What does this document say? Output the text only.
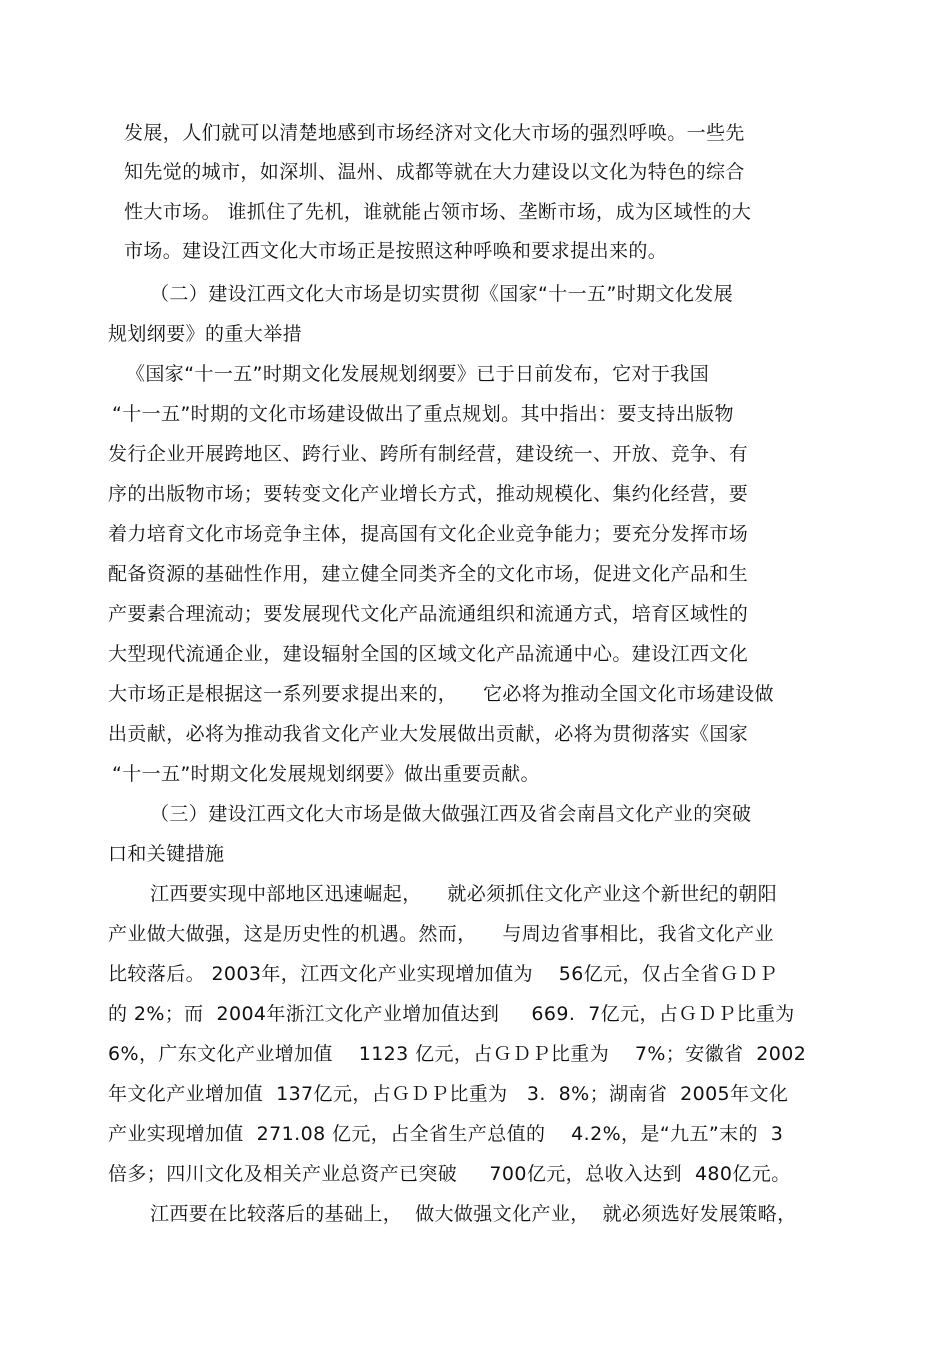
发展，人们就可以清楚地感到市场经济对文化大市场的强烈呼唤。一些先
知先觉的城市，如深圳、温州、成都等就在大力建设以文化为特色的综合
性大市场。 谁抓住了先机，谁就能占领市场、垄断市场，成为区域性的大
市场。建设江西文化大市场正是按照这种呼唤和要求提出来的。
（二）建设江西文化大市场是切实贯彻《国家“十一五”时期文化发展
规划纲要》的重大举措
《国家“十一五”时期文化发展规划纲要》已于日前发布，它对于我国
“十一五”时期的文化市场建设做出了重点规划。其中指出：要支持出版物
发行企业开展跨地区、跨行业、跨所有制经营，建设统一、开放、竞争、有
序的出版物市场；要转变文化产业增长方式，推动规模化、集约化经营，要
着力培育文化市场竞争主体，提高国有文化企业竞争能力；要充分发挥市场
配备资源的基础性作用，建立健全同类齐全的文化市场，促进文化产品和生
产要素合理流动；要发展现代文化产品流通组织和流通方式，培育区域性的
大型现代流通企业，建设辐射全国的区域文化产品流通中心。建设江西文化
大市场正是根据这一系列要求提出来的，    它必将为推动全国文化市场建设做
出贡献，必将为推动我省文化产业大发展做出贡献，必将为贯彻落实《国家
“十一五”时期文化发展规划纲要》做出重要贡献。
（三）建设江西文化大市场是做大做强江西及省会南昌文化产业的突破
口和关键措施
江西要实现中部地区迅速崛起，    就必须抓住文化产业这个新世纪的朝阳
产业做大做强，这是历史性的机遇。然而，    与周边省事相比，我省文化产业
比较落后。 2003年，江西文化产业实现增加值为    56亿元，仅占全省ＧＤＰ
的 2%；而  2004年浙江文化产业增加值达到     669.  7亿元，占ＧＤＰ比重为
6%，广东文化产业增加值    1123 亿元，占ＧＤＰ比重为    7%；安徽省  2002
年文化产业增加值  137亿元，占ＧＤＰ比重为   3.  8%；湖南省  2005年文化
产业实现增加值  271.08 亿元，占全省生产总值的    4.2%，是“九五”末的  3
倍多；四川文化及相关产业总资产已突破     700亿元，总收入达到  480亿元。
江西要在比较落后的基础上，  做大做强文化产业，  就必须选好发展策略，
